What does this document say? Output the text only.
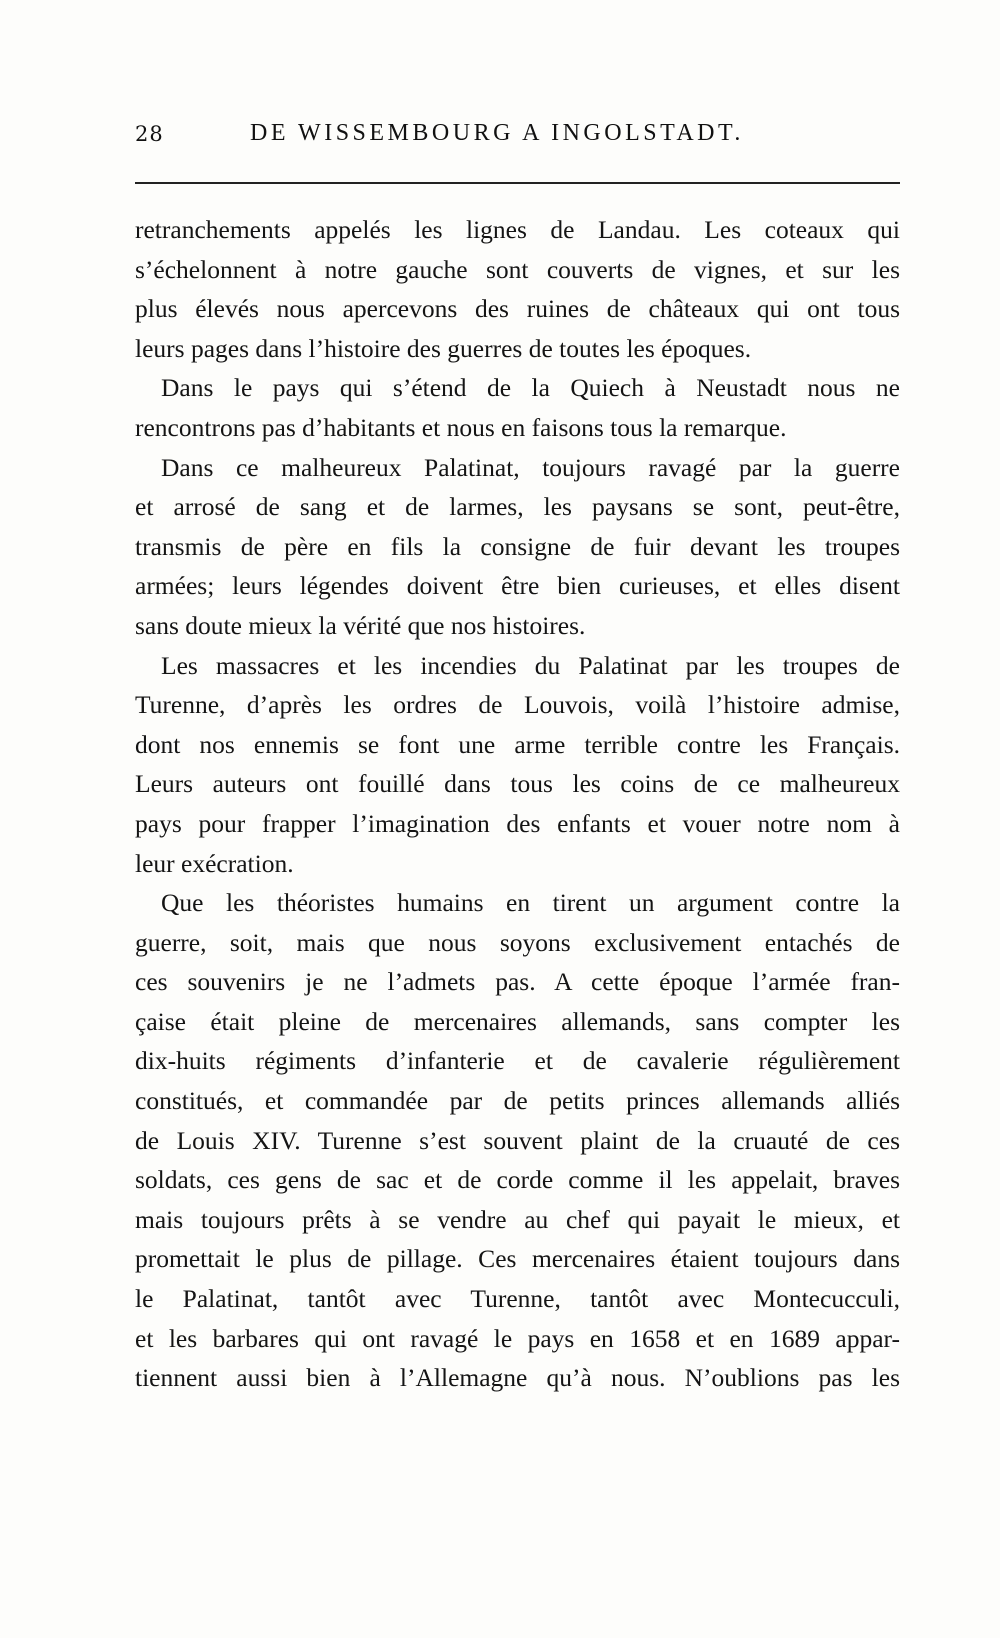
28	DE WISSEMBOURG A INGOLSTADT.
retranchements appelés les lignes de Landau. Les coteaux qui
s’échelonnent à notre gauche sont couverts de vignes, et sur les
plus élevés nous apercevons des ruines de châteaux qui ont tous
leurs pages dans l’histoire des guerres de toutes les époques.
Dans le pays qui s’étend de la Quiech à Neustadt nous ne
rencontrons pas d’habitants et nous en faisons tous la remarque.
Dans ce malheureux Palatinat, toujours ravagé par la guerre
et arrosé de sang et de larmes, les paysans se sont, peut-être,
transmis de père en fils la consigne de fuir devant les troupes
armées; leurs légendes doivent être bien curieuses, et elles disent
sans doute mieux la vérité que nos histoires.
Les massacres et les incendies du Palatinat par les troupes de
Turenne, d’après les ordres de Louvois, voilà l’histoire admise,
dont nos ennemis se font une arme terrible contre les Français.
Leurs auteurs ont fouillé dans tous les coins de ce malheureux
pays pour frapper l’imagination des enfants et vouer notre nom à
leur exécration.
Que les théoristes humains en tirent un argument contre la
guerre, soit, mais que nous soyons exclusivement entachés de
ces souvenirs je ne l’admets pas. A cette époque l’armée fran-
çaise était pleine de mercenaires allemands, sans compter les
dix-huits régiments d’infanterie et de cavalerie régulièrement
constitués, et commandée par de petits princes allemands alliés
de Louis XIV. Turenne s’est souvent plaint de la cruauté de ces
soldats, ces gens de sac et de corde comme il les appelait, braves
mais toujours prêts à se vendre au chef qui payait le mieux, et
promettait le plus de pillage. Ces mercenaires étaient toujours dans
le Palatinat, tantôt avec Turenne, tantôt avec Montecucculi,
et les barbares qui ont ravagé le pays en 1658 et en 1689 appar-
tiennent aussi bien à l’Allemagne qu’à nous. N’oublions pas les
